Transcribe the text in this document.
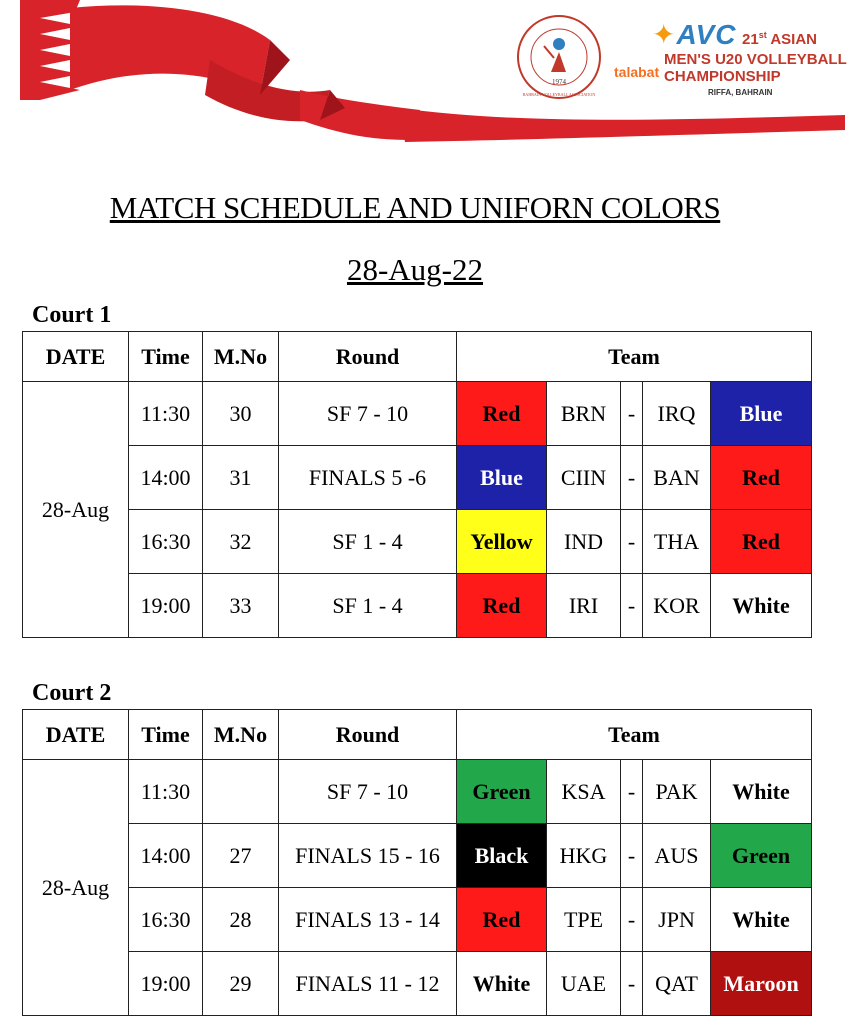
1974
BAHRAIN VOLLEYBALL ASSOCIATION
✦AVC 21st ASIAN
talabat
MEN'S U20 VOLLEYBALL
CHAMPIONSHIP
RIFFA, BAHRAIN
MATCH SCHEDULE AND UNIFORN COLORS
28-Aug-22
Court 1
DATE	Time	M.No	Round	Team				
28-Aug	11:30	30	SF 7 - 10	Red	BRN	-	IRQ	Blue
	14:00	31	FINALS 5 -6	Blue	CIIN	-	BAN	Red
	16:30	32	SF 1 - 4	Yellow	IND	-	THA	Red
	19:00	33	SF 1 - 4	Red	IRI	-	KOR	White
Court 2
DATE	Time	M.No	Round	Team				
28-Aug	11:30		SF 7 - 10	Green	KSA	-	PAK	White
	14:00	27	FINALS 15 - 16	Black	HKG	-	AUS	Green
	16:30	28	FINALS 13 - 14	Red	TPE	-	JPN	White
	19:00	29	FINALS 11 - 12	White	UAE	-	QAT	Maroon
